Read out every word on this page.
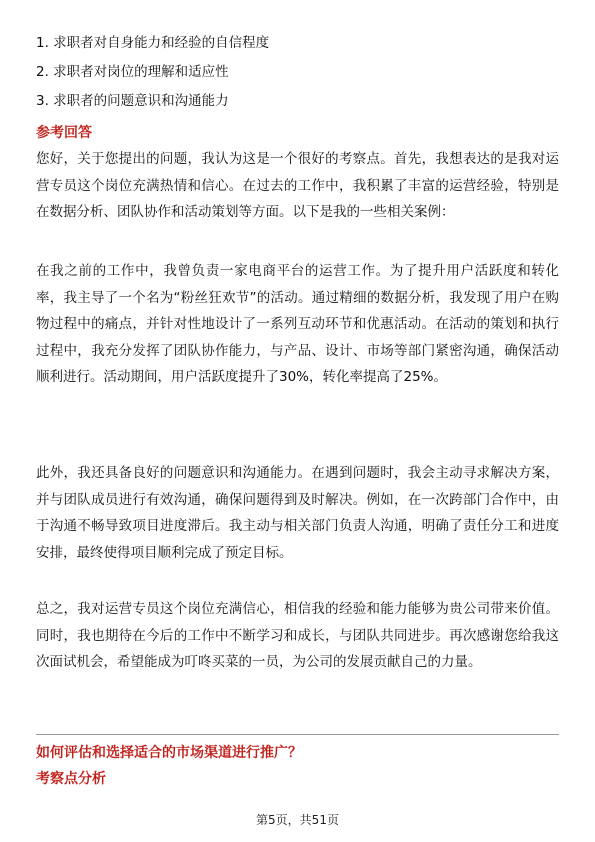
1. 求职者对自身能力和经验的自信程度
2. 求职者对岗位的理解和适应性
3. 求职者的问题意识和沟通能力
参考回答
您好，关于您提出的问题，我认为这是一个很好的考察点。首先，我想表达的是我对运营专员这个岗位充满热情和信心。在过去的工作中，我积累了丰富的运营经验，特别是在数据分析、团队协作和活动策划等方面。以下是我的一些相关案例：
在我之前的工作中，我曾负责一家电商平台的运营工作。为了提升用户活跃度和转化率，我主导了一个名为“粉丝狂欢节”的活动。通过精细的数据分析，我发现了用户在购物过程中的痛点，并针对性地设计了一系列互动环节和优惠活动。在活动的策划和执行过程中，我充分发挥了团队协作能力，与产品、设计、市场等部门紧密沟通，确保活动顺利进行。活动期间，用户活跃度提升了30%，转化率提高了25%。
此外，我还具备良好的问题意识和沟通能力。在遇到问题时，我会主动寻求解决方案，并与团队成员进行有效沟通，确保问题得到及时解决。例如，在一次跨部门合作中，由于沟通不畅导致项目进度滞后。我主动与相关部门负责人沟通，明确了责任分工和进度安排，最终使得项目顺利完成了预定目标。
总之，我对运营专员这个岗位充满信心，相信我的经验和能力能够为贵公司带来价值。同时，我也期待在今后的工作中不断学习和成长，与团队共同进步。再次感谢您给我这次面试机会，希望能成为叮咚买菜的一员，为公司的发展贡献自己的力量。
如何评估和选择适合的市场渠道进行推广？
考察点分析
第5页，共51页
